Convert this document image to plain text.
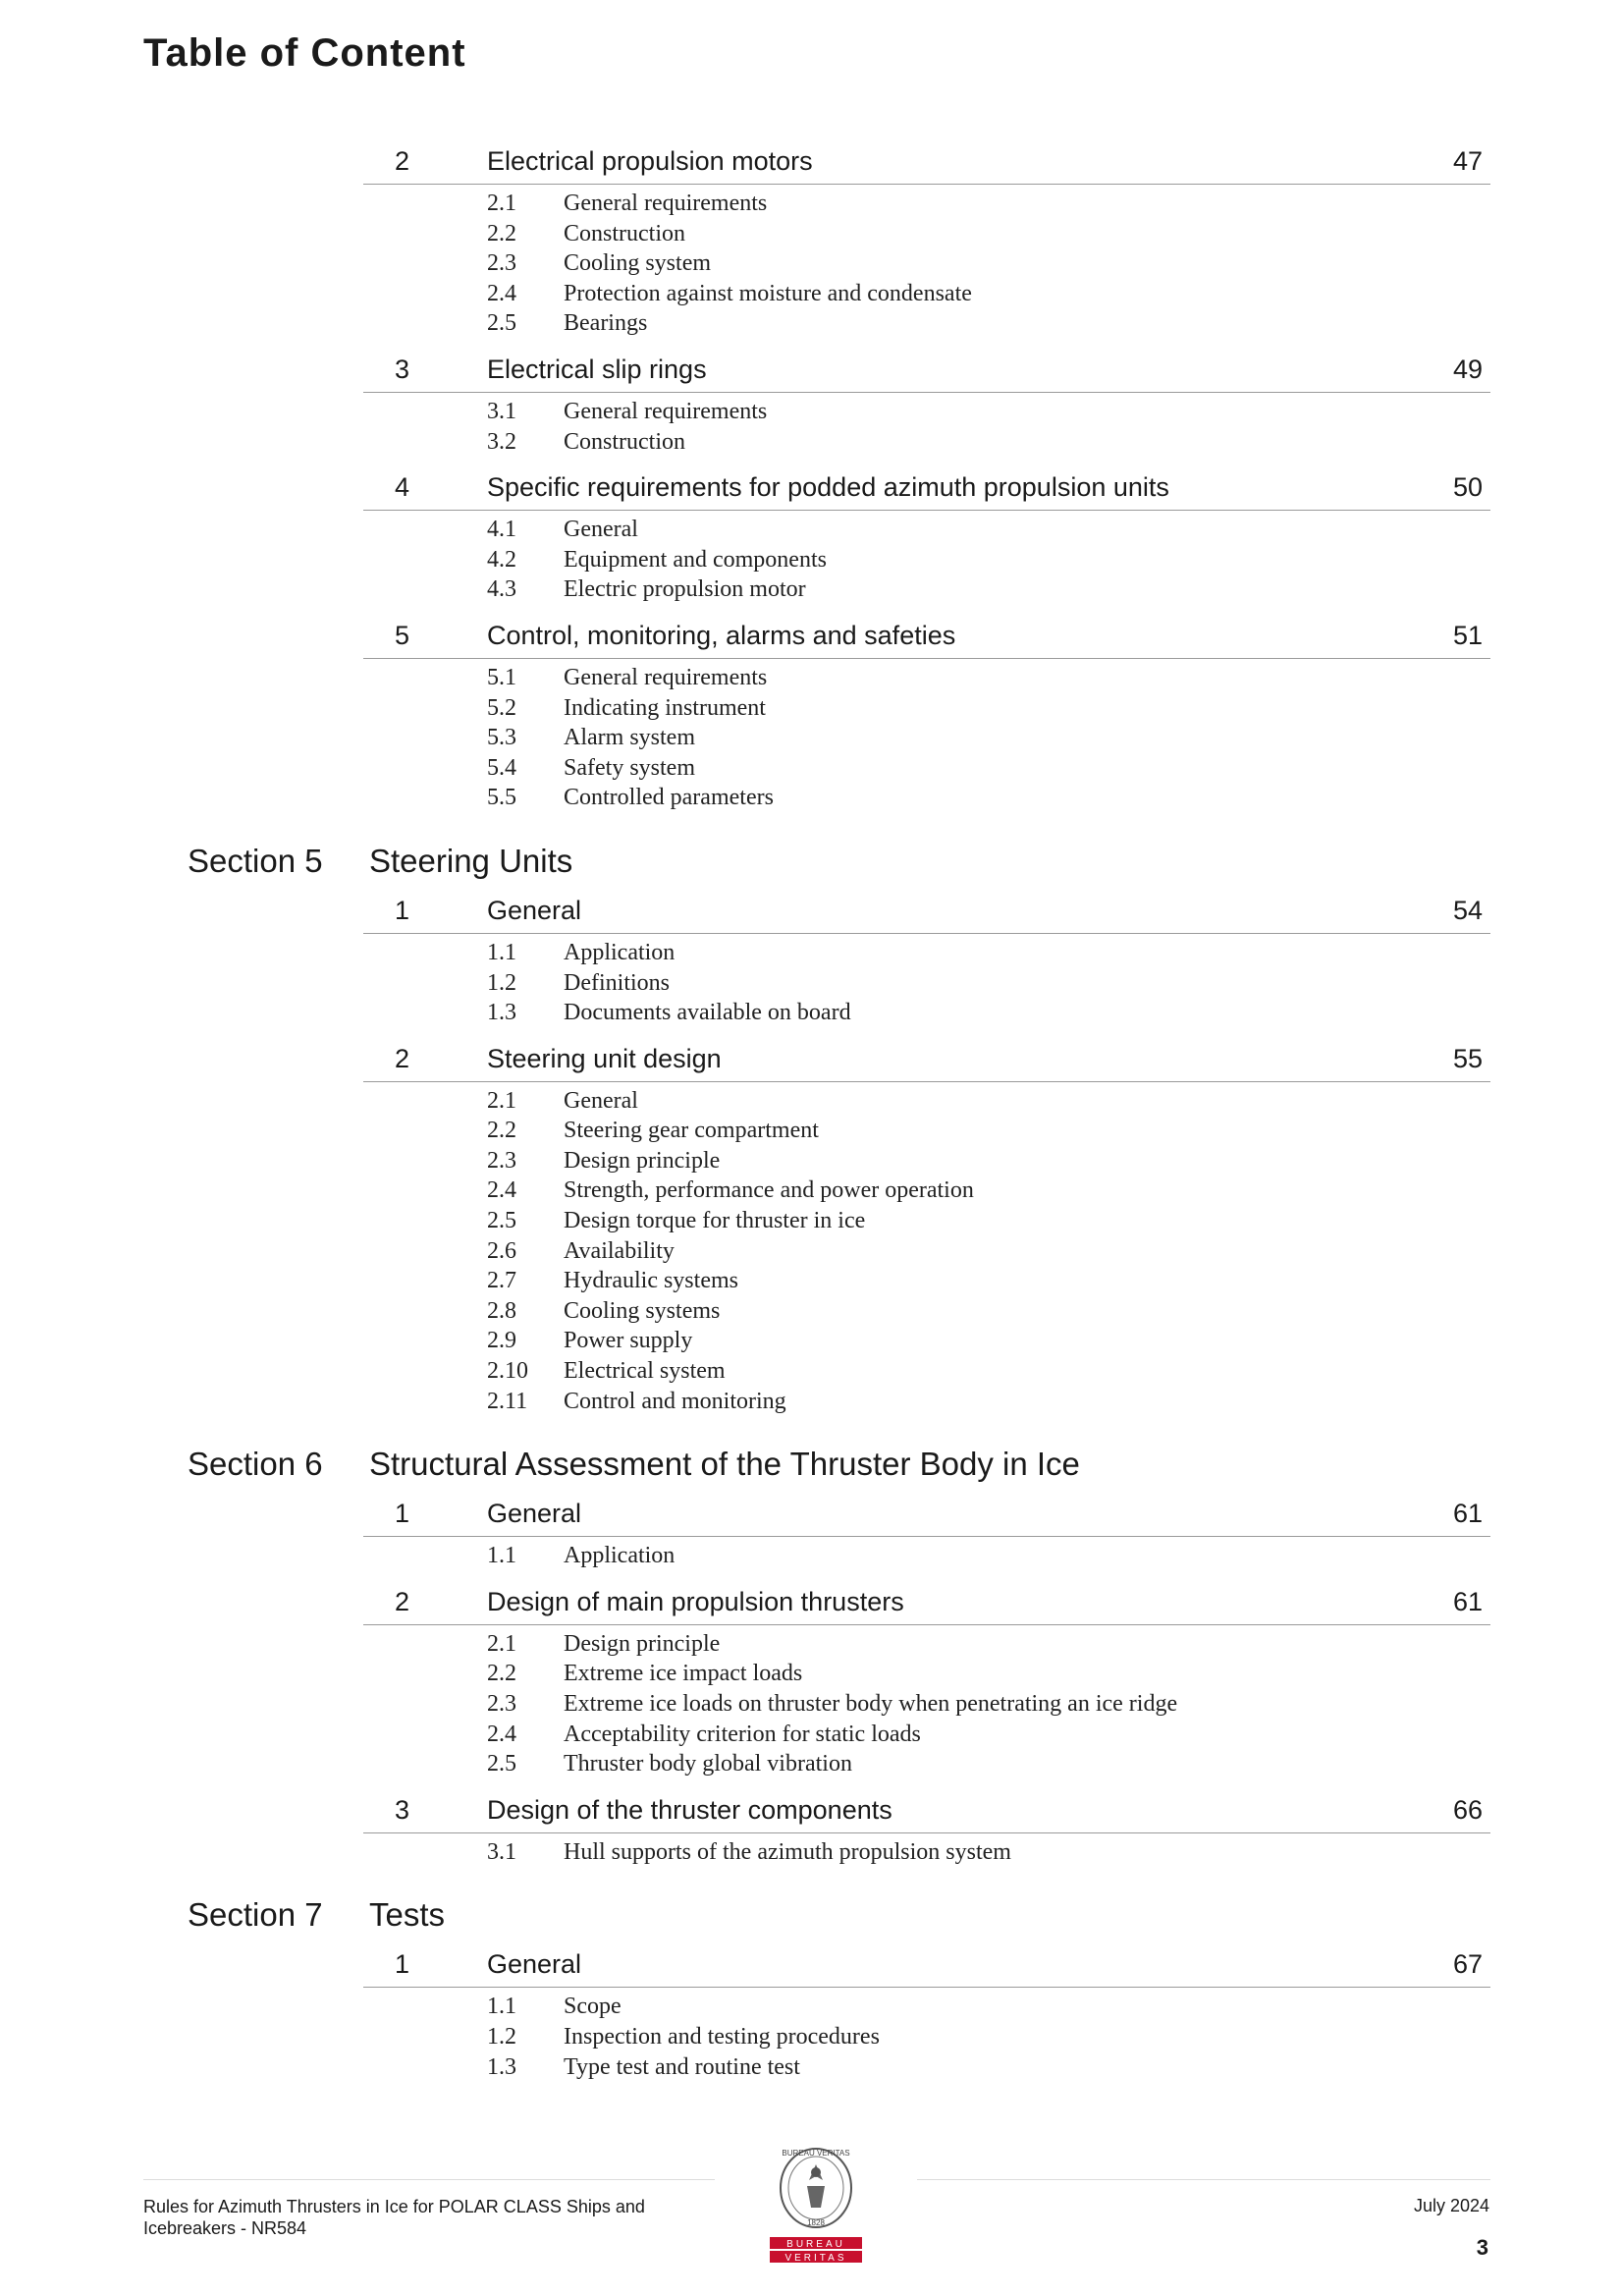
Table of Content
2	Electrical propulsion motors	47
2.1 General requirements
2.2 Construction
2.3 Cooling system
2.4 Protection against moisture and condensate
2.5 Bearings
3	Electrical slip rings	49
3.1 General requirements
3.2 Construction
4	Specific requirements for podded azimuth propulsion units	50
4.1 General
4.2 Equipment and components
4.3 Electric propulsion motor
5	Control, monitoring, alarms and safeties	51
5.1 General requirements
5.2 Indicating instrument
5.3 Alarm system
5.4 Safety system
5.5 Controlled parameters
Section 5 Steering Units
1	General	54
1.1 Application
1.2 Definitions
1.3 Documents available on board
2	Steering unit design	55
2.1 General
2.2 Steering gear compartment
2.3 Design principle
2.4 Strength, performance and power operation
2.5 Design torque for thruster in ice
2.6 Availability
2.7 Hydraulic systems
2.8 Cooling systems
2.9 Power supply
2.10 Electrical system
2.11 Control and monitoring
Section 6 Structural Assessment of the Thruster Body in Ice
1	General	61
1.1 Application
2	Design of main propulsion thrusters	61
2.1 Design principle
2.2 Extreme ice impact loads
2.3 Extreme ice loads on thruster body when penetrating an ice ridge
2.4 Acceptability criterion for static loads
2.5 Thruster body global vibration
3	Design of the thruster components	66
3.1 Hull supports of the azimuth propulsion system
Section 7 Tests
1	General	67
1.1 Scope
1.2 Inspection and testing procedures
1.3 Type test and routine test
BUREAU VERITAS
1828
BUREAU
VERITAS
Rules for Azimuth Thrusters in Ice for POLAR CLASS Ships and Icebreakers - NR584
July 2024
3
